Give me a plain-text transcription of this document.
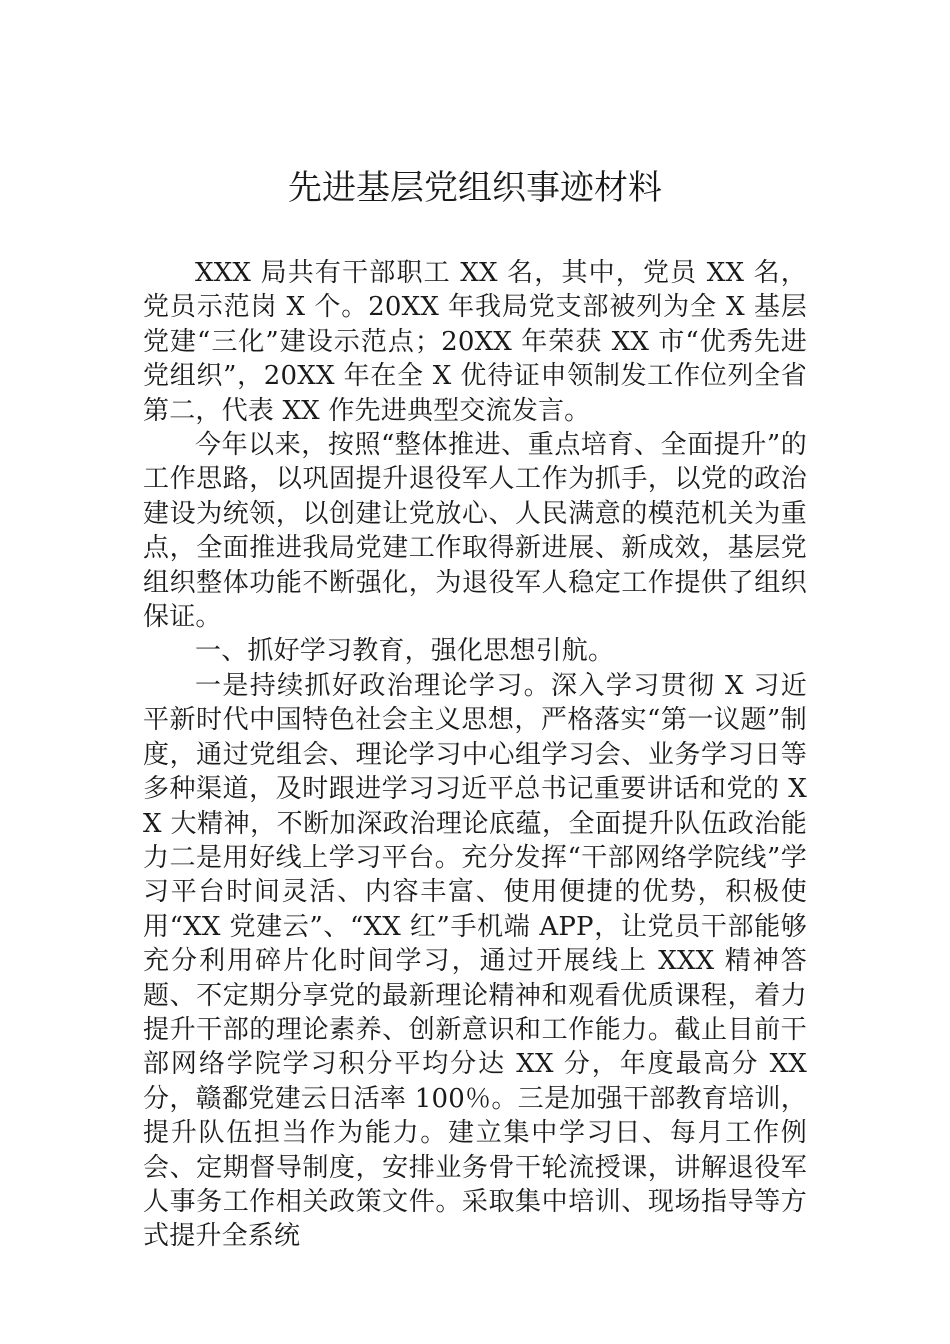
先进基层党组织事迹材料

XXX 局共有干部职工 XX 名，其中，党员 XX 名，党员示范岗 X 个。20XX 年我局党支部被列为全 X 基层党建“三化”建设示范点；20XX 年荣获 XX 市“优秀先进党组织”，20XX 年在全 X 优待证申领制发工作位列全省第二，代表 XX 作先进典型交流发言。

今年以来，按照“整体推进、重点培育、全面提升”的工作思路，以巩固提升退役军人工作为抓手，以党的政治建设为统领，以创建让党放心、人民满意的模范机关为重点，全面推进我局党建工作取得新进展、新成效，基层党组织整体功能不断强化，为退役军人稳定工作提供了组织保证。

一、抓好学习教育，强化思想引航。

一是持续抓好政治理论学习。深入学习贯彻 X 习近平新时代中国特色社会主义思想，严格落实“第一议题”制度，通过党组会、理论学习中心组学习会、业务学习日等多种渠道，及时跟进学习习近平总书记重要讲话和党的 XX 大精神，不断加深政治理论底蕴，全面提升队伍政治能力二是用好线上学习平台。充分发挥“干部网络学院线”学习平台时间灵活、内容丰富、使用便捷的优势，积极使用“XX 党建云”、“XX 红”手机端 APP，让党员干部能够充分利用碎片化时间学习，通过开展线上 XXX 精神答题、不定期分享党的最新理论精神和观看优质课程，着力提升干部的理论素养、创新意识和工作能力。截止目前干部网络学院学习积分平均分达 XX 分，年度最高分 XX 分，赣鄱党建云日活率 100％。三是加强干部教育培训，提升队伍担当作为能力。建立集中学习日、每月工作例会、定期督导制度，安排业务骨干轮流授课，讲解退役军人事务工作相关政策文件。采取集中培训、现场指导等方式提升全系统
